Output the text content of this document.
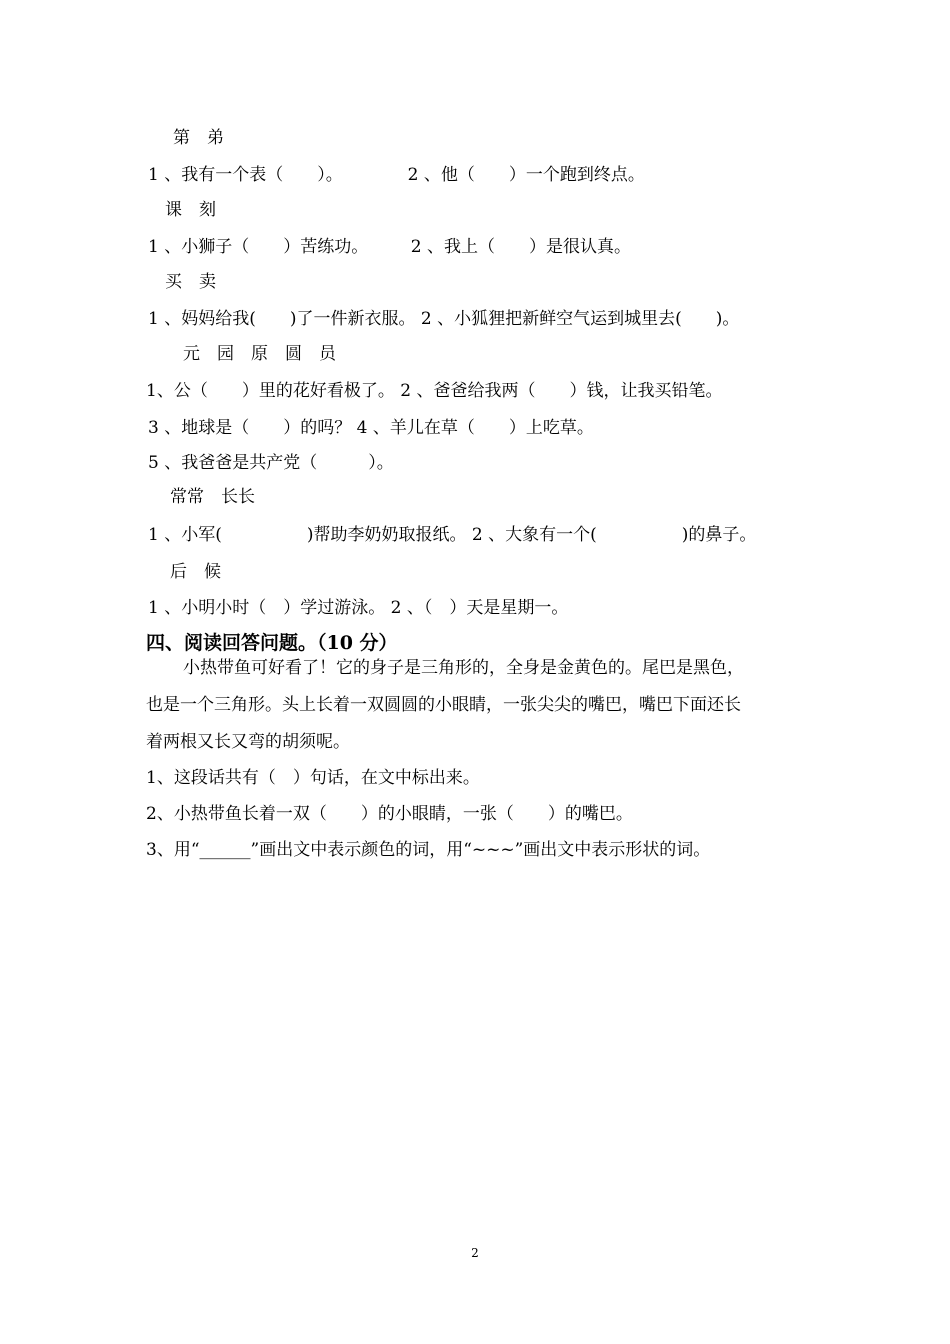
第　弟
1 、我有一个表（　　）。　　　　 2 、他（　　）一个跑到终点。
课　刻
1 、小狮子（　　）苦练功。　　　2 、我上（　　）是很认真。
买　卖
1 、妈妈给我(　　)了一件新衣服。 2 、小狐狸把新鲜空气运到城里去(　　)。
元　园　原　圆　员
1、公（　　）里的花好看极了。 2 、爸爸给我两（　　）钱，让我买铅笔。
3 、地球是（　　）的吗？ 4 、羊儿在草（　　）上吃草。
5 、我爸爸是共产党（　　　）。
常常　长长
1 、小军(　　　　　)帮助李奶奶取报纸。 2 、大象有一个(　　　　　)的鼻子。
后　候
1 、小明小时（　）学过游泳。 2 、（　）天是星期一。
四、阅读回答问题。（10 分）
小热带鱼可好看了！它的身子是三角形的，全身是金黄色的。尾巴是黑色，
也是一个三角形。头上长着一双圆圆的小眼睛，一张尖尖的嘴巴，嘴巴下面还长
着两根又长又弯的胡须呢。
1、这段话共有（　）句话，在文中标出来。
2、小热带鱼长着一双（　　）的小眼睛，一张（　　）的嘴巴。
3、用“______”画出文中表示颜色的词，用“~~~”画出文中表示形状的词。
2
